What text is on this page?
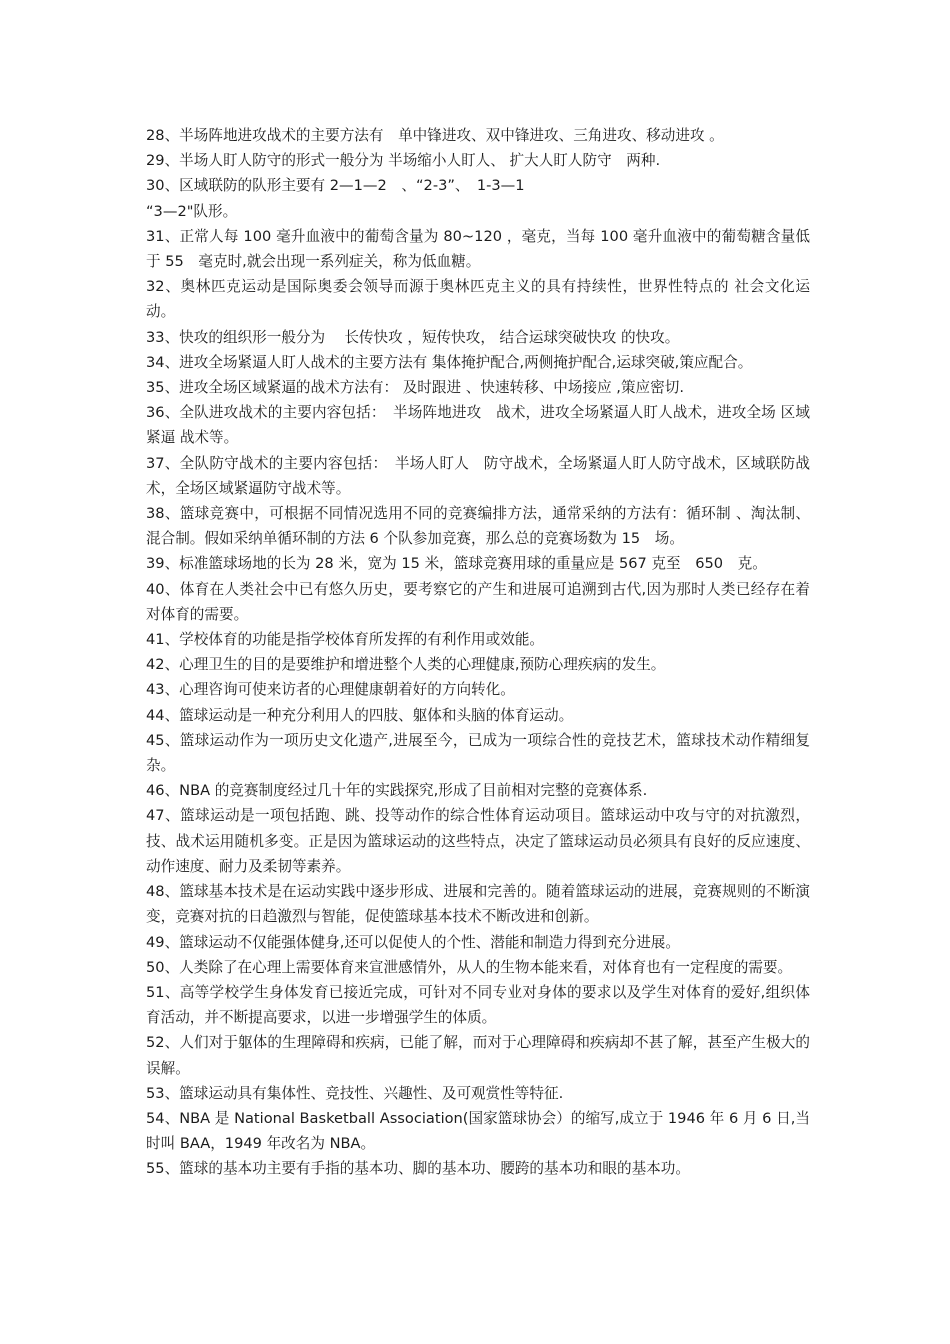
28、半场阵地进攻战术的主要方法有　单中锋进攻、双中锋进攻、三角进攻、移动进攻 。

29、半场人盯人防守的形式一般分为 半场缩小人盯人、 扩大人盯人防守　两种.

30、区域联防的队形主要有 2—1—2　、“2-3”、　1-3—1
“3—2"队形。

31、正常人每 100 毫升血液中的葡萄含量为 80~120 ，毫克，当每 100 毫升血液中的葡萄糖含量低于 55　毫克时,就会出现一系列症关，称为低血糖。

32、奥林匹克运动是国际奥委会领导而源于奥林匹克主义的具有持续性，世界性特点的 社会文化运动。

33、快攻的组织形一般分为　 长传快攻 ，短传快攻， 结合运球突破快攻 的快攻。

34、进攻全场紧逼人盯人战术的主要方法有 集体掩护配合,两侧掩护配合,运球突破,策应配合。

35、进攻全场区域紧逼的战术方法有： 及时跟进 、快速转移、中场接应 ,策应密切.

36、全队进攻战术的主要内容包括：　半场阵地进攻　战术，进攻全场紧逼人盯人战术，进攻全场 区域紧逼 战术等。

37、全队防守战术的主要内容包括：　半场人盯人　防守战术，全场紧逼人盯人防守战术，区域联防战术，全场区域紧逼防守战术等。

38、篮球竞赛中，可根据不同情况选用不同的竞赛编排方法，通常采纳的方法有：循环制 、淘汰制、混合制。假如采纳单循环制的方法 6 个队参加竞赛，那么总的竞赛场数为 15　场。

39、标准篮球场地的长为 28 米，宽为 15 米，篮球竞赛用球的重量应是 567 克至　650　克。

40、体育在人类社会中已有悠久历史，要考察它的产生和进展可追溯到古代,因为那时人类已经存在着对体育的需要。

41、学校体育的功能是指学校体育所发挥的有利作用或效能。

42、心理卫生的目的是要维护和增进整个人类的心理健康,预防心理疾病的发生。

43、心理咨询可使来访者的心理健康朝着好的方向转化。

44、篮球运动是一种充分利用人的四肢、躯体和头脑的体育运动。

45、篮球运动作为一项历史文化遗产,进展至今，已成为一项综合性的竞技艺术，篮球技术动作精细复杂。

46、NBA 的竞赛制度经过几十年的实践探究,形成了目前相对完整的竞赛体系.

47、篮球运动是一项包括跑、跳、投等动作的综合性体育运动项目。篮球运动中攻与守的对抗激烈，技、战术运用随机多变。正是因为篮球运动的这些特点，决定了篮球运动员必须具有良好的反应速度、动作速度、耐力及柔韧等素养。

48、篮球基本技术是在运动实践中逐步形成、进展和完善的。随着篮球运动的进展，竞赛规则的不断演变，竞赛对抗的日趋激烈与智能，促使篮球基本技术不断改进和创新。

49、篮球运动不仅能强体健身,还可以促使人的个性、潜能和制造力得到充分进展。

50、人类除了在心理上需要体育来宣泄感情外，从人的生物本能来看，对体育也有一定程度的需要。

51、高等学校学生身体发育已接近完成，可针对不同专业对身体的要求以及学生对体育的爱好,组织体育活动，并不断提高要求，以进一步增强学生的体质。

52、人们对于躯体的生理障碍和疾病，已能了解，而对于心理障碍和疾病却不甚了解，甚至产生极大的误解。

53、篮球运动具有集体性、竞技性、兴趣性、及可观赏性等特征.

54、NBA 是 National Basketball Association(国家篮球协会）的缩写,成立于 1946 年 6 月 6 日,当时叫 BAA，1949 年改名为 NBA。

55、篮球的基本功主要有手指的基本功、脚的基本功、腰跨的基本功和眼的基本功。
